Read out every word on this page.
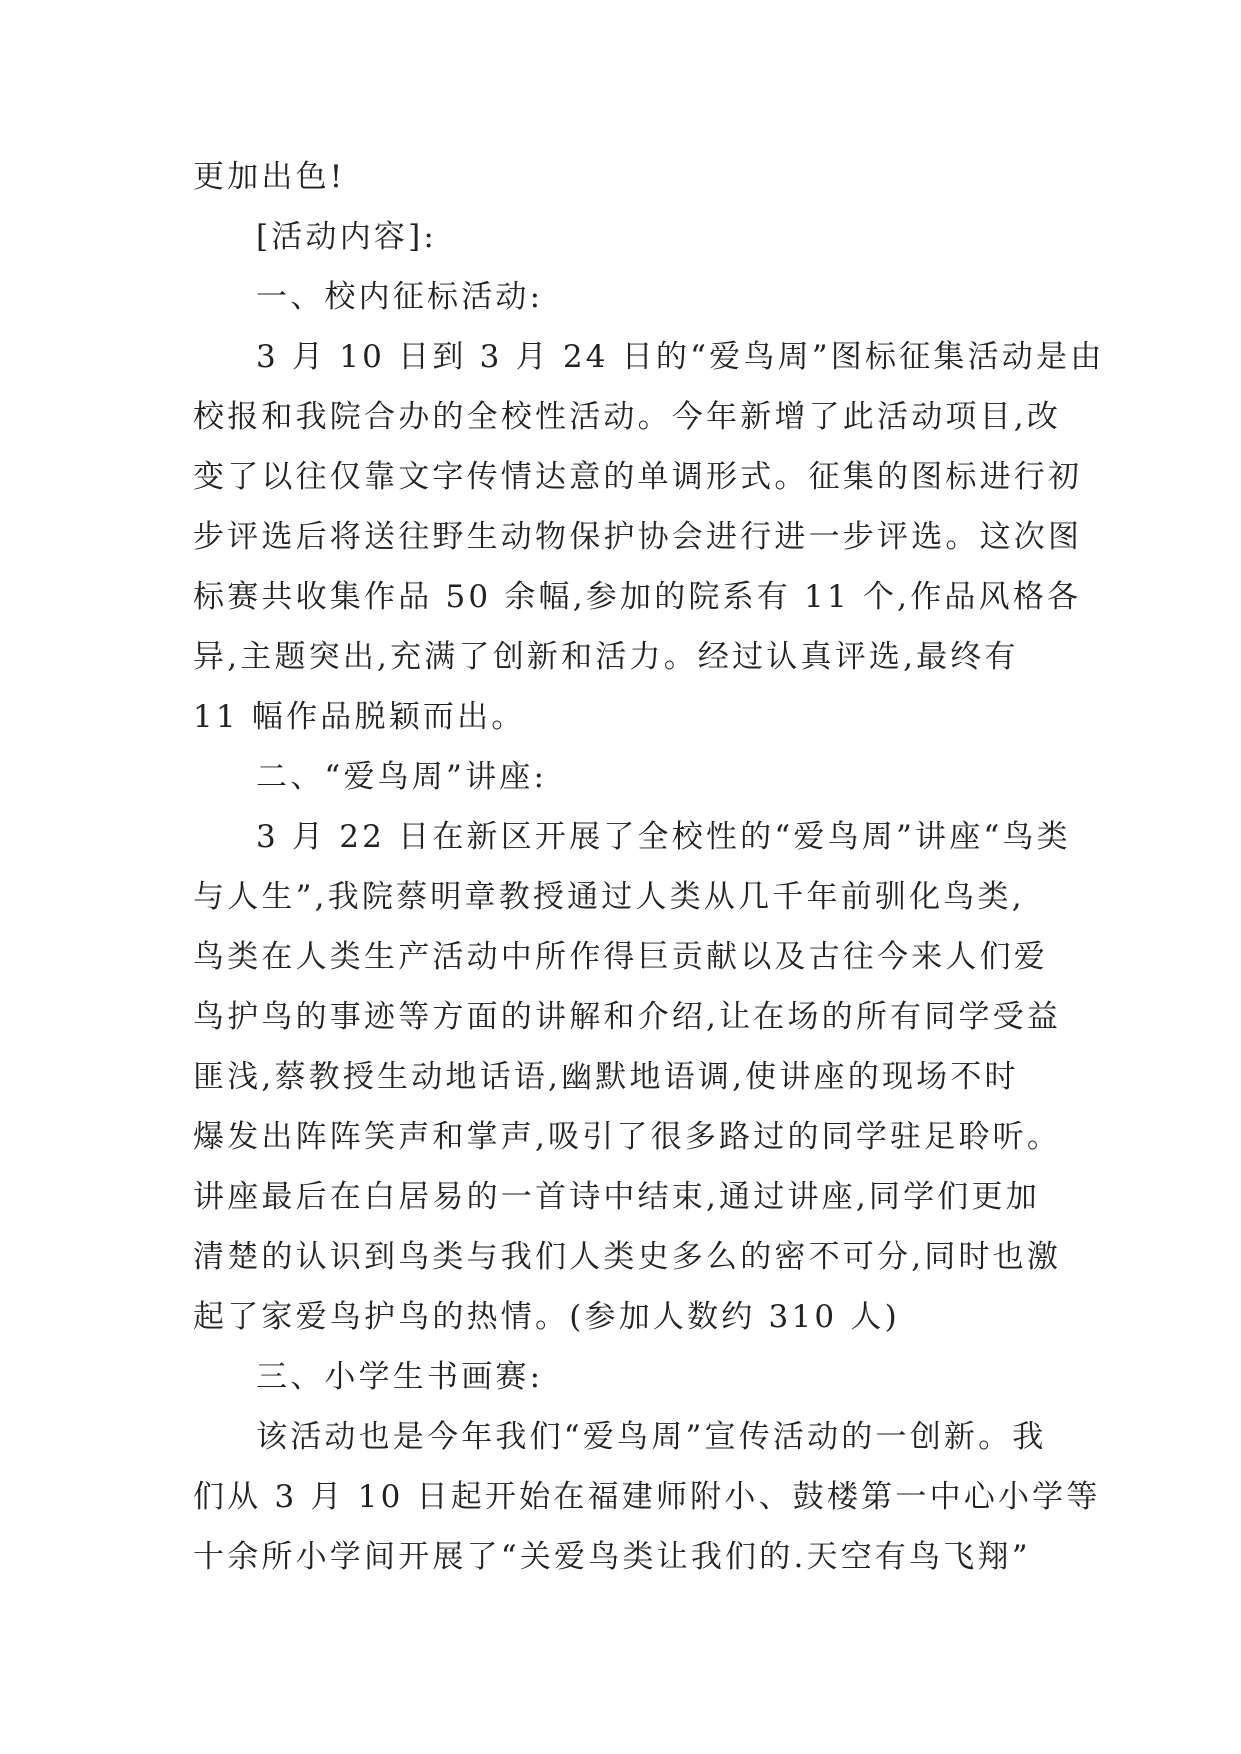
更加出色!
[活动内容]:
一、校内征标活动:
3 月 10 日到 3 月 24 日的“爱鸟周”图标征集活动是由
校报和我院合办的全校性活动。今年新增了此活动项目,改
变了以往仅靠文字传情达意的单调形式。征集的图标进行初
步评选后将送往野生动物保护协会进行进一步评选。这次图
标赛共收集作品 50 余幅,参加的院系有 11 个,作品风格各
异,主题突出,充满了创新和活力。经过认真评选,最终有
11 幅作品脱颖而出。
二、“爱鸟周”讲座:
3 月 22 日在新区开展了全校性的“爱鸟周”讲座“鸟类
与人生”,我院蔡明章教授通过人类从几千年前驯化鸟类,
鸟类在人类生产活动中所作得巨贡献以及古往今来人们爱
鸟护鸟的事迹等方面的讲解和介绍,让在场的所有同学受益
匪浅,蔡教授生动地话语,幽默地语调,使讲座的现场不时
爆发出阵阵笑声和掌声,吸引了很多路过的同学驻足聆听。
讲座最后在白居易的一首诗中结束,通过讲座,同学们更加
清楚的认识到鸟类与我们人类史多么的密不可分,同时也激
起了家爱鸟护鸟的热情。(参加人数约 310 人)
三、小学生书画赛:
该活动也是今年我们“爱鸟周”宣传活动的一创新。我
们从 3 月 10 日起开始在福建师附小、鼓楼第一中心小学等
十余所小学间开展了“关爱鸟类让我们的.天空有鸟飞翔”
